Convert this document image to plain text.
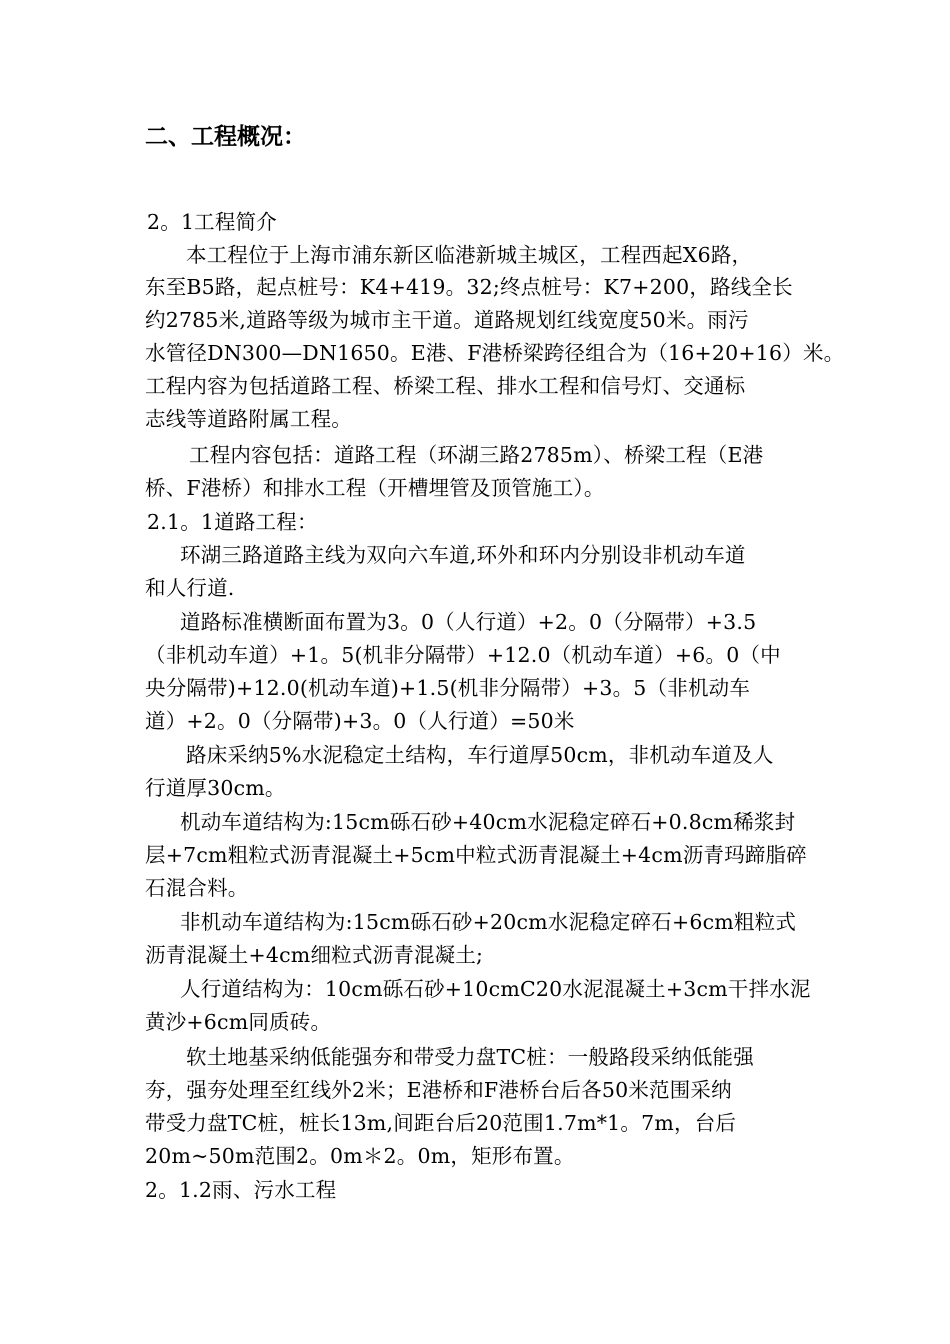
二、工程概况：

2。1工程简介

本工程位于上海市浦东新区临港新城主城区，工程西起X6路，

东至B5路，起点桩号：K4+419。32;终点桩号：K7+200，路线全长

约2785米,道路等级为城市主干道。道路规划红线宽度50米。雨污

水管径DN300—DN1650。E港、F港桥梁跨径组合为（16+20+16）米。

工程内容为包括道路工程、桥梁工程、排水工程和信号灯、交通标

志线等道路附属工程。

工程内容包括：道路工程（环湖三路2785m）、桥梁工程（E港

桥、F港桥）和排水工程（开槽埋管及顶管施工）。

2.1。1道路工程：

环湖三路道路主线为双向六车道,环外和环内分别设非机动车道

和人行道.

道路标准横断面布置为3。0（人行道）+2。0（分隔带）+3.5

（非机动车道）+1。5(机非分隔带）+12.0（机动车道）+6。0（中

央分隔带)+12.0(机动车道)+1.5(机非分隔带）+3。5（非机动车

道）+2。0（分隔带)+3。0（人行道）=50米

路床采纳5%水泥稳定土结构，车行道厚50cm，非机动车道及人

行道厚30cm。

机动车道结构为:15cm砾石砂+40cm水泥稳定碎石+0.8cm稀浆封

层+7cm粗粒式沥青混凝土+5cm中粒式沥青混凝土+4cm沥青玛蹄脂碎

石混合料。

非机动车道结构为:15cm砾石砂+20cm水泥稳定碎石+6cm粗粒式

沥青混凝土+4cm细粒式沥青混凝土;

人行道结构为：10cm砾石砂+10cmC20水泥混凝土+3cm干拌水泥

黄沙+6cm同质砖。

软土地基采纳低能强夯和带受力盘TC桩：一般路段采纳低能强

夯，强夯处理至红线外2米；E港桥和F港桥台后各50米范围采纳

带受力盘TC桩，桩长13m,间距台后20范围1.7m*1。7m，台后

20m~50m范围2。0m＊2。0m，矩形布置。

2。1.2雨、污水工程
